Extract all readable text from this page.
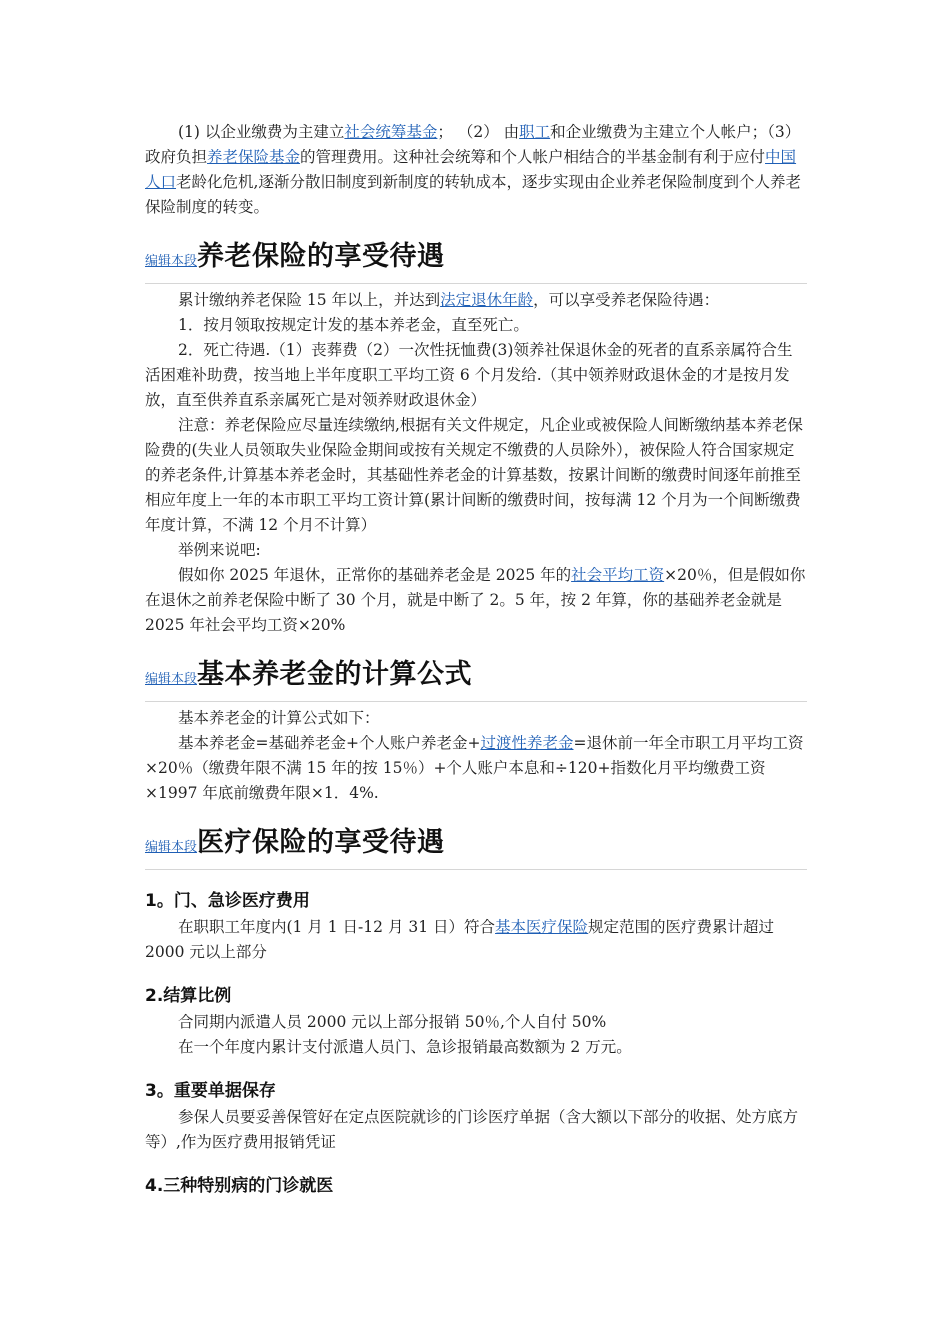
(1) 以企业缴费为主建立社会统筹基金； （2） 由职工和企业缴费为主建立个人帐户；（3） 政府负担养老保险基金的管理费用。这种社会统筹和个人帐户相结合的半基金制有利于应付中国人口老龄化危机,逐渐分散旧制度到新制度的转轨成本，逐步实现由企业养老保险制度到个人养老保险制度的转变。

编辑本段 养老保险的享受待遇

累计缴纳养老保险 15 年以上，并达到法定退休年龄，可以享受养老保险待遇：

1．按月领取按规定计发的基本养老金，直至死亡。

2．死亡待遇.（1）丧葬费（2）一次性抚恤费(3)领养社保退休金的死者的直系亲属符合生活困难补助费，按当地上半年度职工平均工资 6 个月发给.（其中领养财政退休金的才是按月发放，直至供养直系亲属死亡是对领养财政退休金）

注意：养老保险应尽量连续缴纳,根据有关文件规定，凡企业或被保险人间断缴纳基本养老保险费的(失业人员领取失业保险金期间或按有关规定不缴费的人员除外），被保险人符合国家规定的养老条件,计算基本养老金时，其基础性养老金的计算基数，按累计间断的缴费时间逐年前推至相应年度上一年的本市职工平均工资计算(累计间断的缴费时间，按每满 12 个月为一个间断缴费年度计算，不满 12 个月不计算）

举例来说吧:

假如你 2025 年退休，正常你的基础养老金是 2025 年的社会平均工资×20％，但是假如你在退休之前养老保险中断了 30 个月，就是中断了 2。5 年，按 2 年算，你的基础养老金就是 2025 年社会平均工资×20%

编辑本段 基本养老金的计算公式

基本养老金的计算公式如下：

基本养老金=基础养老金+个人账户养老金+过渡性养老金=退休前一年全市职工月平均工资×20％（缴费年限不满 15 年的按 15％）+个人账户本息和÷120+指数化月平均缴费工资×1997 年底前缴费年限×1．4%.

编辑本段 医疗保险的享受待遇
1。门、急诊医疗费用

在职职工年度内(1 月 1 日-12 月 31 日）符合基本医疗保险规定范围的医疗费累计超过 2000 元以上部分

2.结算比例

合同期内派遣人员 2000 元以上部分报销 50％,个人自付 50%

在一个年度内累计支付派遣人员门、急诊报销最高数额为 2 万元。

3。重要单据保存

参保人员要妥善保管好在定点医院就诊的门诊医疗单据（含大额以下部分的收据、处方底方等）,作为医疗费用报销凭证

4.三种特别病的门诊就医
